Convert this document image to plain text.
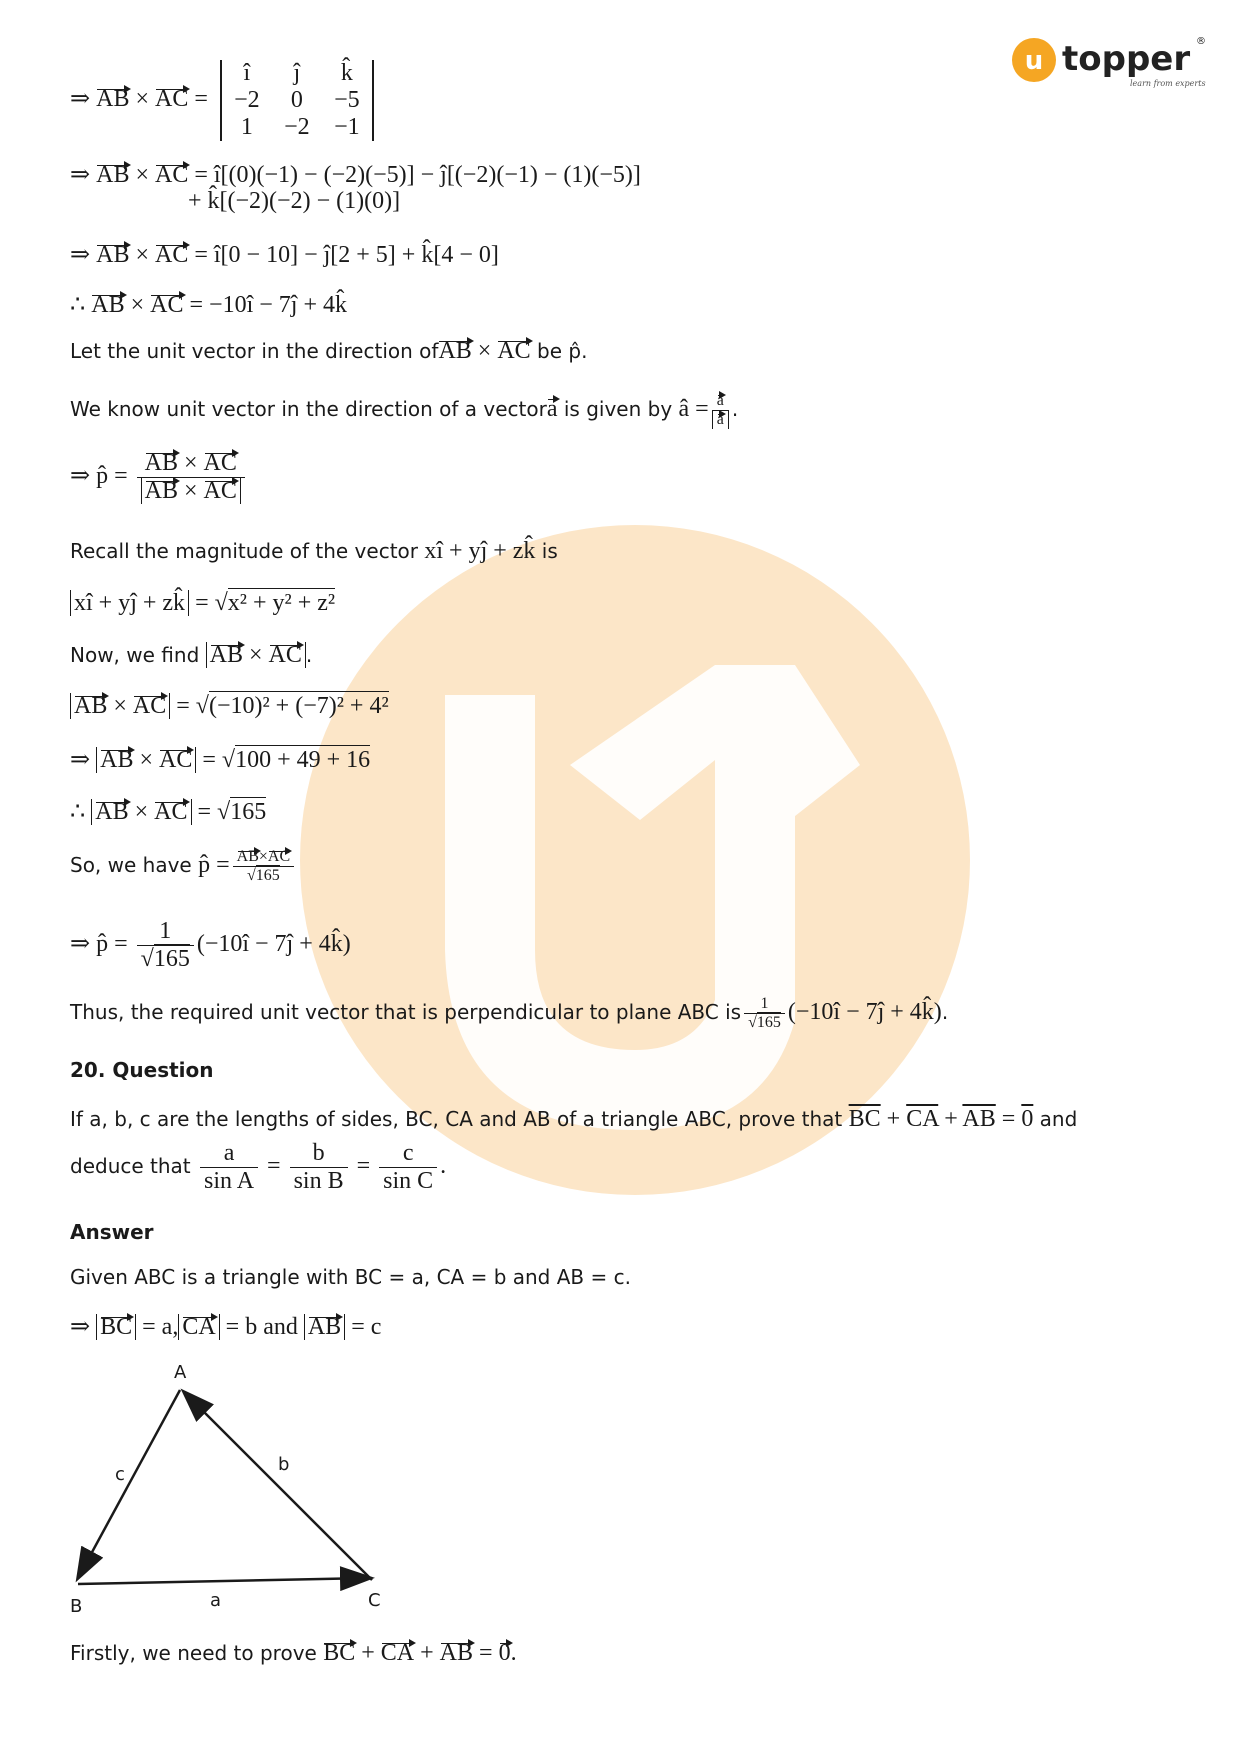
u topper ®
learn from experts
⇒ AB × AC =
î	ĵ	k̂
−2	0	−5
1	−2	−1
⇒ AB × AC = î[(0)(−1) − (−2)(−5)] − ĵ[(−2)(−1) − (1)(−5)]
+ k̂[(−2)(−2) − (1)(0)]
⇒ AB × AC = î[0 − 10] − ĵ[2 + 5] + k̂[4 − 0]
∴ AB × AC = −10î − 7ĵ + 4k̂
Let the unit vector in the direction ofAB × AC be p̂.
We know unit vector in the direction of a vectora is given by â = $\frac{a}{a}$ .
⇒ p̂ = $\frac{AB \times AC}{AB \times AC}$
Recall the magnitude of the vector xî + yĵ + zk̂ is
xî + yĵ + zk̂ = √x² + y² + z²
Now, we find AB × AC .
AB × AC = √(−10)² + (−7)² + 4²
⇒ AB × AC = √100 + 49 + 16
∴ AB × AC = √165
So, we have p̂ = $\frac{AB\times AC}{√165}$
⇒ p̂ = $\frac{1}{√165}$ (−10î − 7ĵ + 4k̂)
Thus, the required unit vector that is perpendicular to plane ABC is $\frac{1}{√165}$ (−10î − 7ĵ + 4k̂).
20. Question
If a, b, c are the lengths of sides, BC, CA and AB of a triangle ABC, prove that $\overline{BC} + \overline{CA} + \overline{AB} = 0$ and
deduce that $\frac{a}{\text{sin A}} = \frac{b}{\text{sin B}} = \frac{c}{\text{sin C}}$ .
Answer
Given ABC is a triangle with BC = a, CA = b and AB = c.
⇒ BC = a, CA = b and AB = c
A
B	C
a
b
c
Firstly, we need to prove BC + CA + AB = 0.
